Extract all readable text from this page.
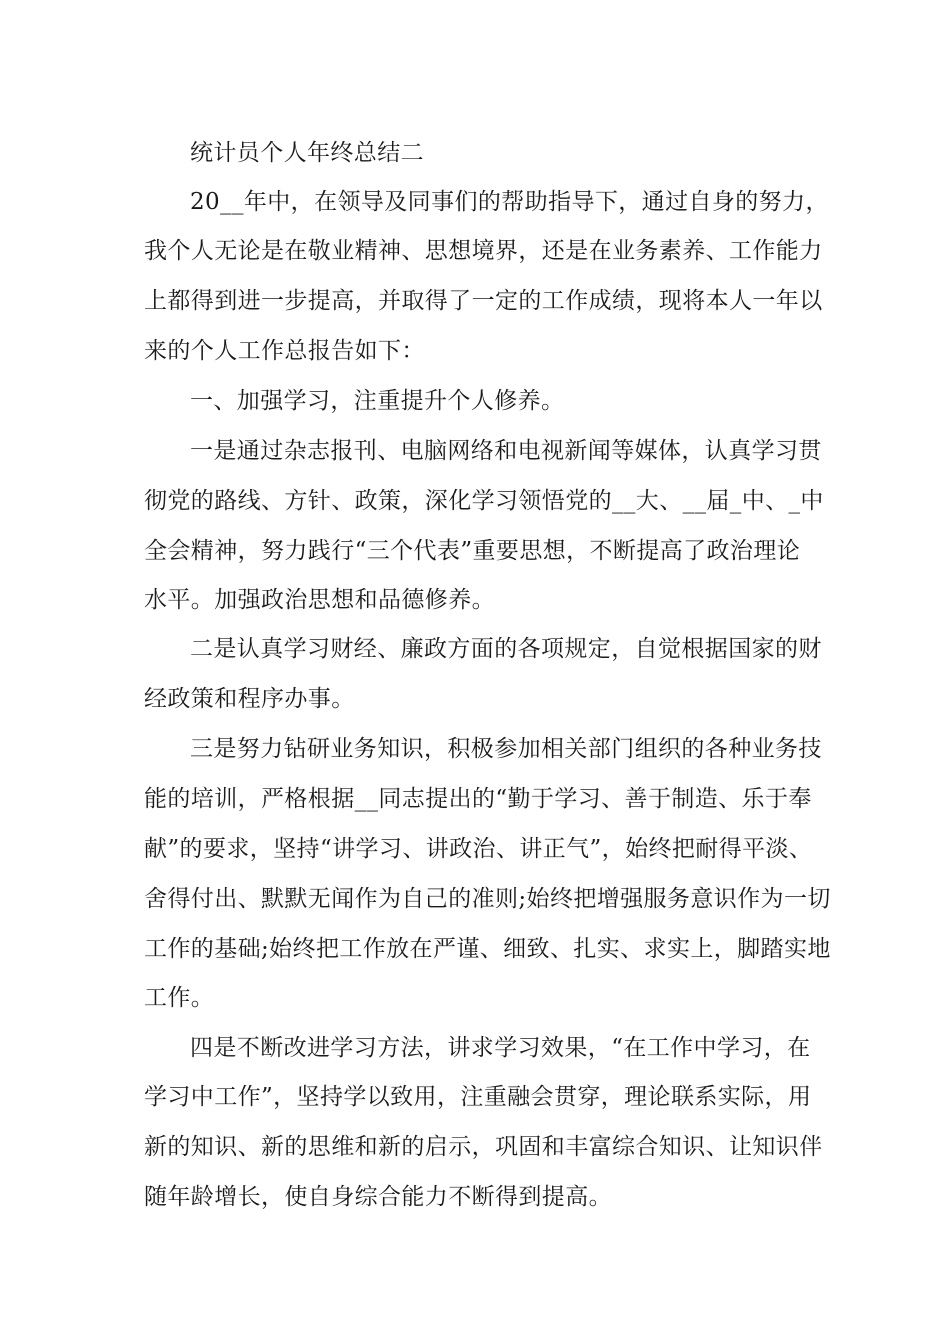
统计员个人年终总结二
20__年中，在领导及同事们的帮助指导下，通过自身的努力，
我个人无论是在敬业精神、思想境界，还是在业务素养、工作能力
上都得到进一步提高，并取得了一定的工作成绩，现将本人一年以
来的个人工作总报告如下：
一、加强学习，注重提升个人修养。
一是通过杂志报刊、电脑网络和电视新闻等媒体，认真学习贯
彻党的路线、方针、政策，深化学习领悟党的__大、__届_中、_中
全会精神，努力践行“三个代表”重要思想，不断提高了政治理论
水平。加强政治思想和品德修养。
二是认真学习财经、廉政方面的各项规定，自觉根据国家的财
经政策和程序办事。
三是努力钻研业务知识，积极参加相关部门组织的各种业务技
能的培训，严格根据__同志提出的“勤于学习、善于制造、乐于奉
献”的要求，坚持“讲学习、讲政治、讲正气”，始终把耐得平淡、
舍得付出、默默无闻作为自己的准则;始终把增强服务意识作为一切
工作的基础;始终把工作放在严谨、细致、扎实、求实上，脚踏实地
工作。
四是不断改进学习方法，讲求学习效果，“在工作中学习，在
学习中工作”，坚持学以致用，注重融会贯穿，理论联系实际，用
新的知识、新的思维和新的启示，巩固和丰富综合知识、让知识伴
随年龄增长，使自身综合能力不断得到提高。
